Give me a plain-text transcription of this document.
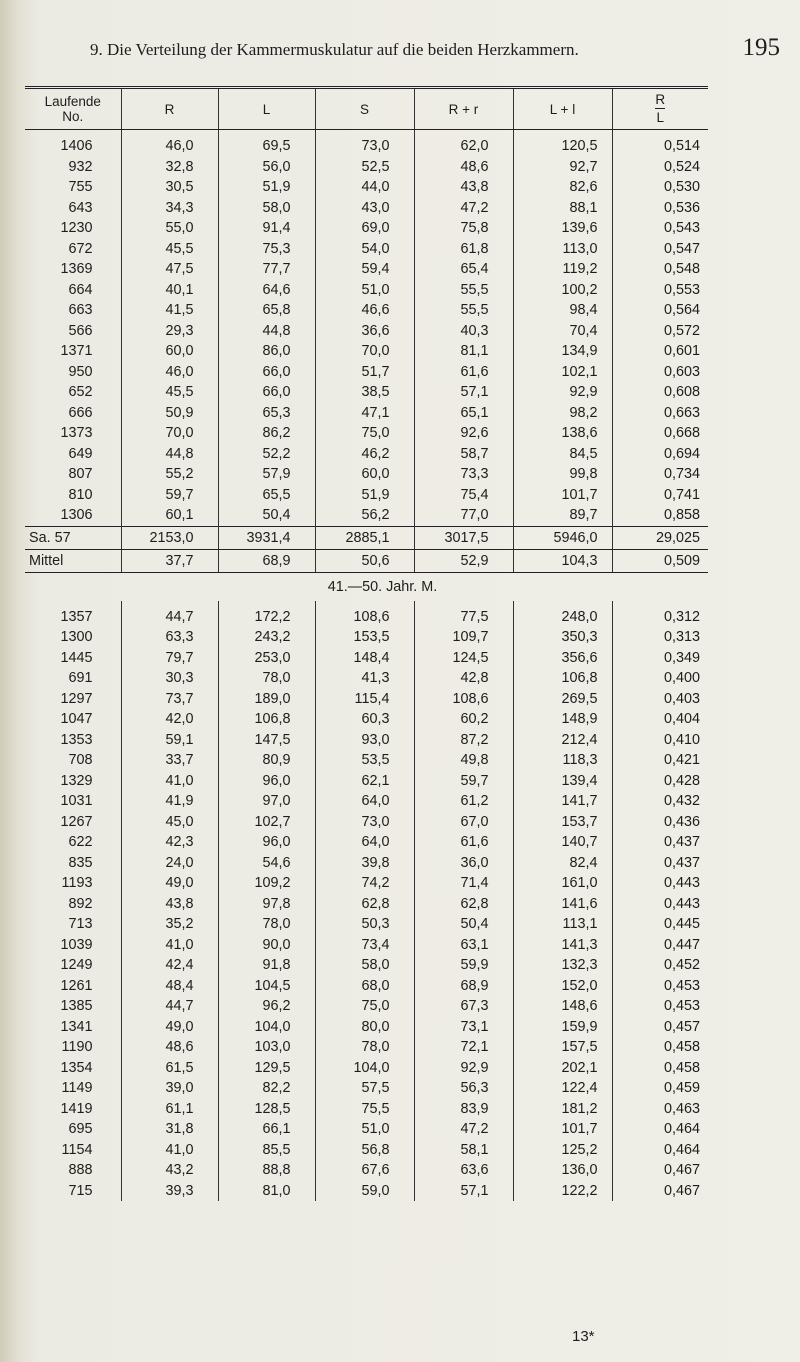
9. Die Verteilung der Kammermuskulatur auf die beiden Herzkammern.	195
Laufende
No.	R	L	S	R + r	L + l	$\frac{R}{L}$
1406	46,0	69,5	73,0	62,0	120,5	0,514
932	32,8	56,0	52,5	48,6	92,7	0,524
755	30,5	51,9	44,0	43,8	82,6	0,530
643	34,3	58,0	43,0	47,2	88,1	0,536
1230	55,0	91,4	69,0	75,8	139,6	0,543
672	45,5	75,3	54,0	61,8	113,0	0,547
1369	47,5	77,7	59,4	65,4	119,2	0,548
664	40,1	64,6	51,0	55,5	100,2	0,553
663	41,5	65,8	46,6	55,5	98,4	0,564
566	29,3	44,8	36,6	40,3	70,4	0,572
1371	60,0	86,0	70,0	81,1	134,9	0,601
950	46,0	66,0	51,7	61,6	102,1	0,603
652	45,5	66,0	38,5	57,1	92,9	0,608
666	50,9	65,3	47,1	65,1	98,2	0,663
1373	70,0	86,2	75,0	92,6	138,6	0,668
649	44,8	52,2	46,2	58,7	84,5	0,694
807	55,2	57,9	60,0	73,3	99,8	0,734
810	59,7	65,5	51,9	75,4	101,7	0,741
1306	60,1	50,4	56,2	77,0	89,7	0,858
Sa. 57	2153,0	3931,4	2885,1	3017,5	5946,0	29,025
Mittel	37,7	68,9	50,6	52,9	104,3	0,509
41.—50. Jahr. M.						
1357	44,7	172,2	108,6	77,5	248,0	0,312
1300	63,3	243,2	153,5	109,7	350,3	0,313
1445	79,7	253,0	148,4	124,5	356,6	0,349
691	30,3	78,0	41,3	42,8	106,8	0,400
1297	73,7	189,0	115,4	108,6	269,5	0,403
1047	42,0	106,8	60,3	60,2	148,9	0,404
1353	59,1	147,5	93,0	87,2	212,4	0,410
708	33,7	80,9	53,5	49,8	118,3	0,421
1329	41,0	96,0	62,1	59,7	139,4	0,428
1031	41,9	97,0	64,0	61,2	141,7	0,432
1267	45,0	102,7	73,0	67,0	153,7	0,436
622	42,3	96,0	64,0	61,6	140,7	0,437
835	24,0	54,6	39,8	36,0	82,4	0,437
1193	49,0	109,2	74,2	71,4	161,0	0,443
892	43,8	97,8	62,8	62,8	141,6	0,443
713	35,2	78,0	50,3	50,4	113,1	0,445
1039	41,0	90,0	73,4	63,1	141,3	0,447
1249	42,4	91,8	58,0	59,9	132,3	0,452
1261	48,4	104,5	68,0	68,9	152,0	0,453
1385	44,7	96,2	75,0	67,3	148,6	0,453
1341	49,0	104,0	80,0	73,1	159,9	0,457
1190	48,6	103,0	78,0	72,1	157,5	0,458
1354	61,5	129,5	104,0	92,9	202,1	0,458
1149	39,0	82,2	57,5	56,3	122,4	0,459
1419	61,1	128,5	75,5	83,9	181,2	0,463
695	31,8	66,1	51,0	47,2	101,7	0,464
1154	41,0	85,5	56,8	58,1	125,2	0,464
888	43,2	88,8	67,6	63,6	136,0	0,467
715	39,3	81,0	59,0	57,1	122,2	0,467
13*
